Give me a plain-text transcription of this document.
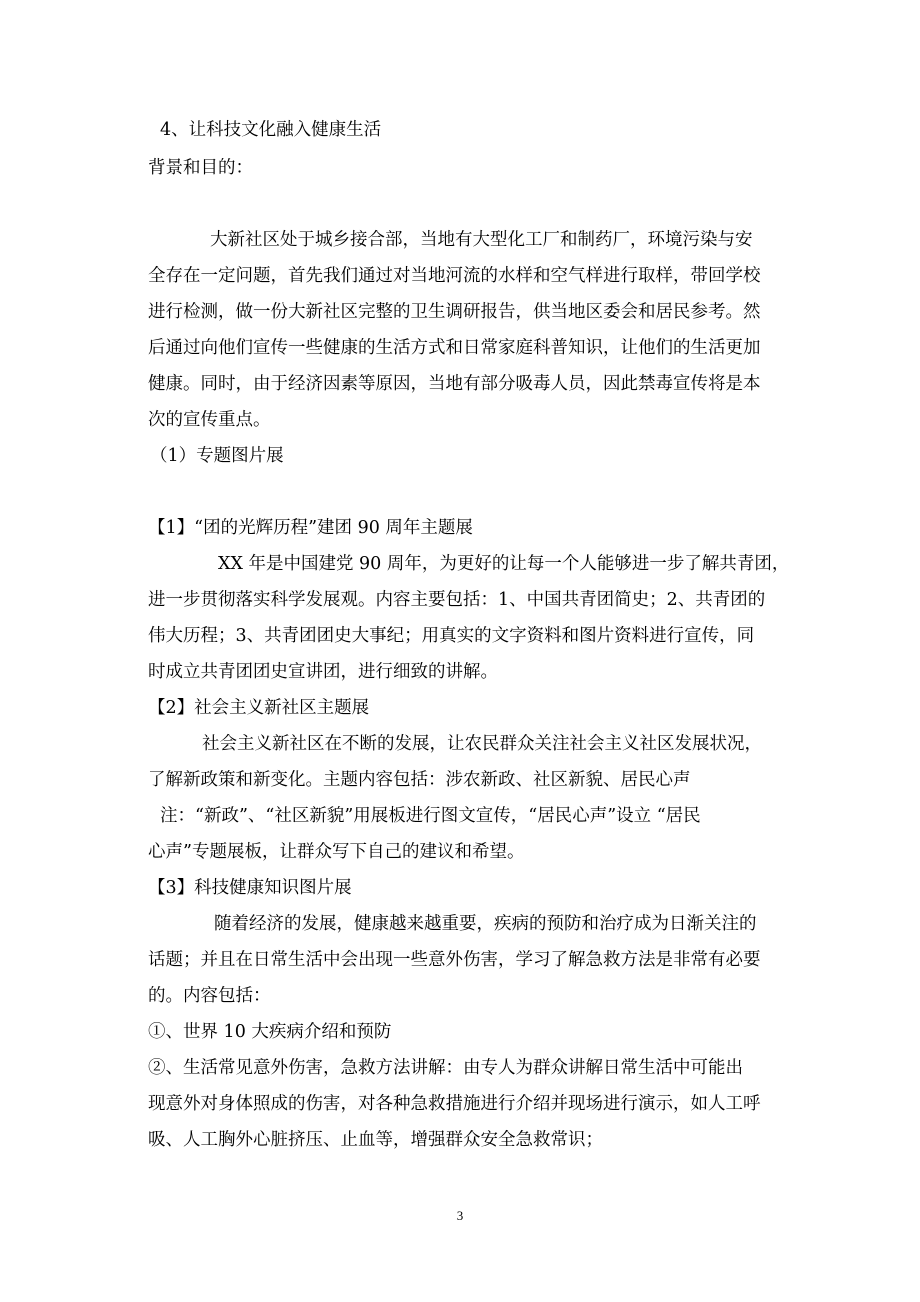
4、让科技文化融入健康生活

背景和目的：

大新社区处于城乡接合部，当地有大型化工厂和制药厂，环境污染与安

全存在一定问题，首先我们通过对当地河流的水样和空气样进行取样，带回学校

进行检测，做一份大新社区完整的卫生调研报告，供当地区委会和居民参考。然

后通过向他们宣传一些健康的生活方式和日常家庭科普知识，让他们的生活更加

健康。同时，由于经济因素等原因，当地有部分吸毒人员，因此禁毒宣传将是本

次的宣传重点。

（1）专题图片展

【1】“团的光辉历程”建团 90 周年主题展

XX 年是中国建党 90 周年，为更好的让每一个人能够进一步了解共青团，

进一步贯彻落实科学发展观。内容主要包括：1、中国共青团简史；2、共青团的

伟大历程；3、共青团团史大事纪；用真实的文字资料和图片资料进行宣传，同

时成立共青团团史宣讲团，进行细致的讲解。

【2】社会主义新社区主题展

社会主义新社区在不断的发展，让农民群众关注社会主义社区发展状况，

了解新政策和新变化。主题内容包括：涉农新政、社区新貌、居民心声

注：“新政”、“社区新貌”用展板进行图文宣传，“居民心声”设立 “居民

心声”专题展板，让群众写下自己的建议和希望。

【3】科技健康知识图片展

随着经济的发展，健康越来越重要，疾病的预防和治疗成为日渐关注的

话题；并且在日常生活中会出现一些意外伤害，学习了解急救方法是非常有必要

的。内容包括：

①、世界 10 大疾病介绍和预防

②、生活常见意外伤害，急救方法讲解：由专人为群众讲解日常生活中可能出

现意外对身体照成的伤害，对各种急救措施进行介绍并现场进行演示，如人工呼

吸、人工胸外心脏挤压、止血等，增强群众安全急救常识；

3
